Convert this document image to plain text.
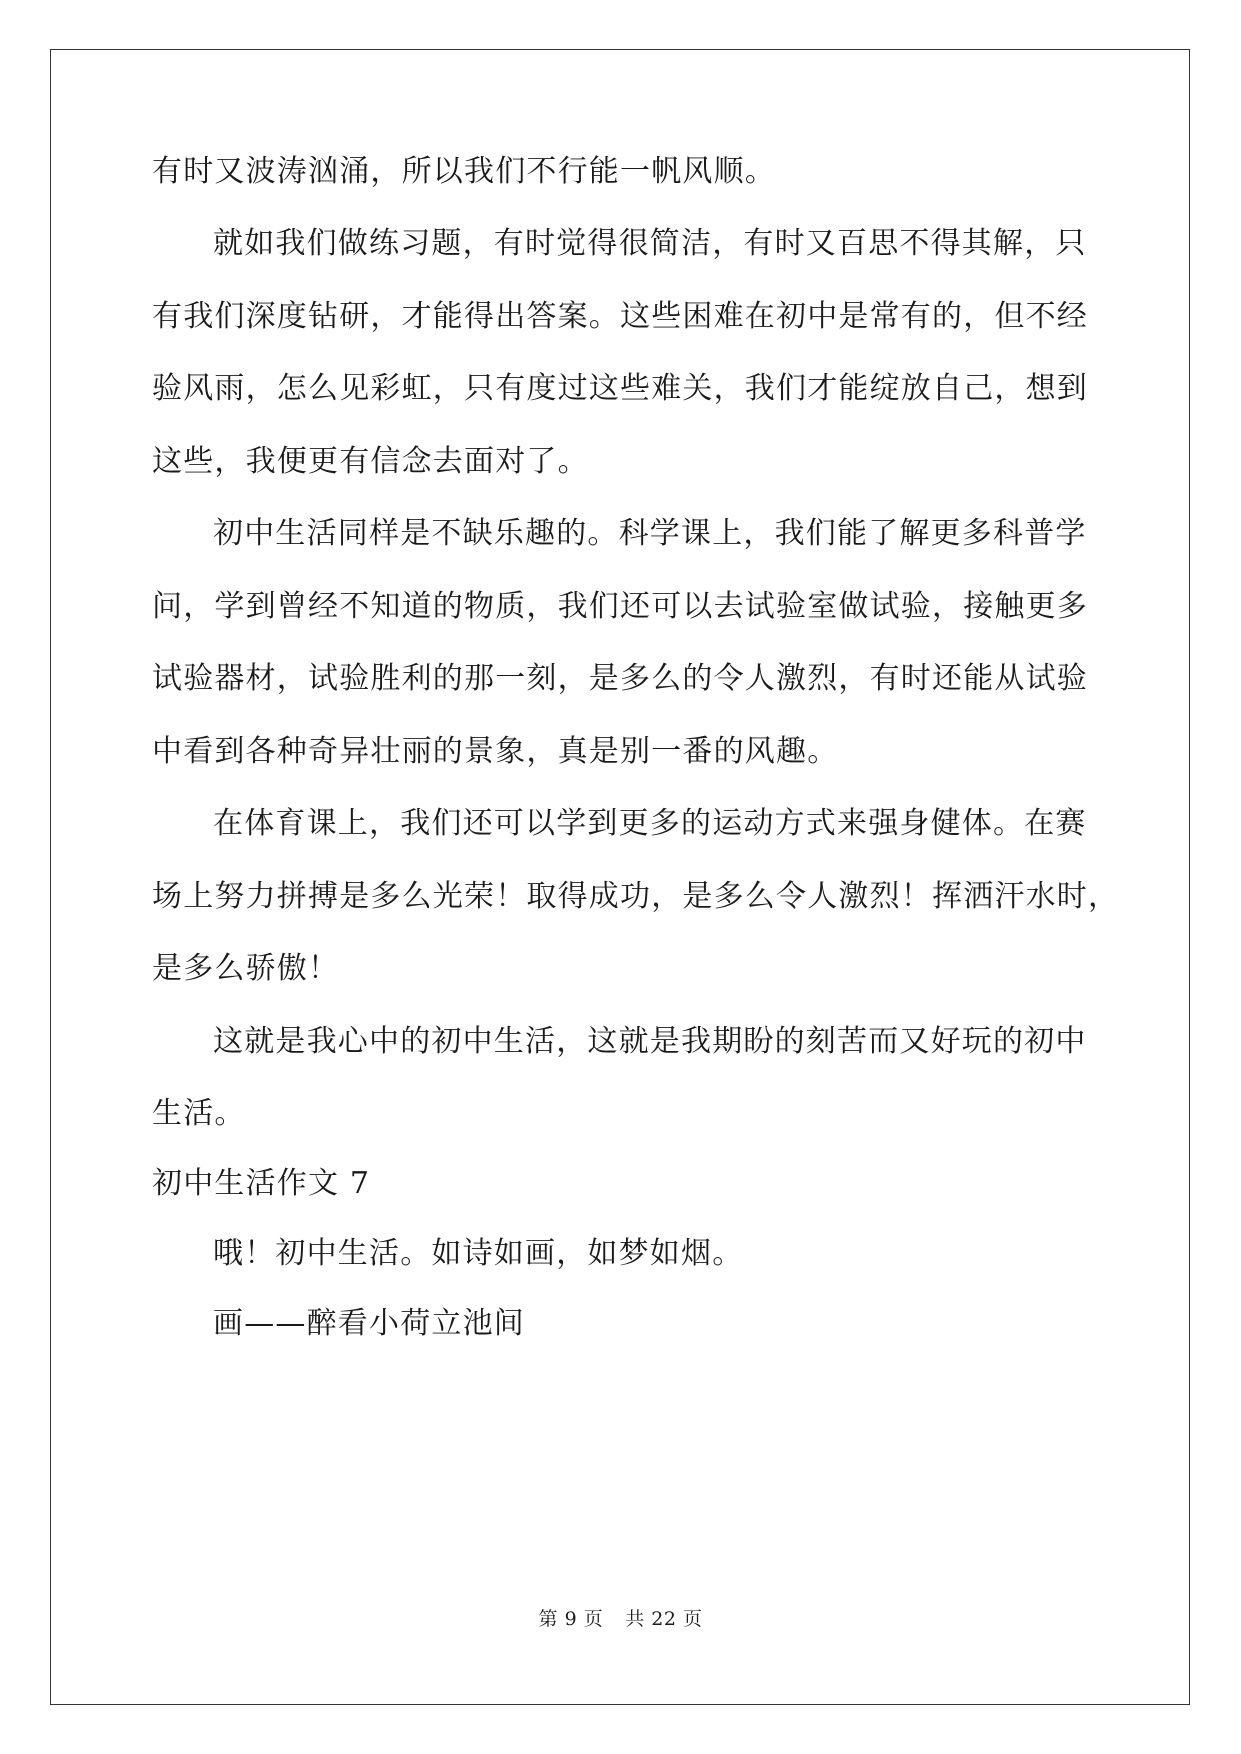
有时又波涛汹涌，所以我们不行能一帆风顺。
就如我们做练习题，有时觉得很简洁，有时又百思不得其解，只
有我们深度钻研，才能得出答案。这些困难在初中是常有的，但不经
验风雨，怎么见彩虹，只有度过这些难关，我们才能绽放自己，想到
这些，我便更有信念去面对了。
初中生活同样是不缺乐趣的。科学课上，我们能了解更多科普学
问，学到曾经不知道的物质，我们还可以去试验室做试验，接触更多
试验器材，试验胜利的那一刻，是多么的令人激烈，有时还能从试验
中看到各种奇异壮丽的景象，真是别一番的风趣。
在体育课上，我们还可以学到更多的运动方式来强身健体。在赛
场上努力拼搏是多么光荣！取得成功，是多么令人激烈！挥洒汗水时，
是多么骄傲！
这就是我心中的初中生活，这就是我期盼的刻苦而又好玩的初中
生活。
初中生活作文 7
哦！初中生活。如诗如画，如梦如烟。
画——醉看小荷立池间
第 9 页 共 22 页
